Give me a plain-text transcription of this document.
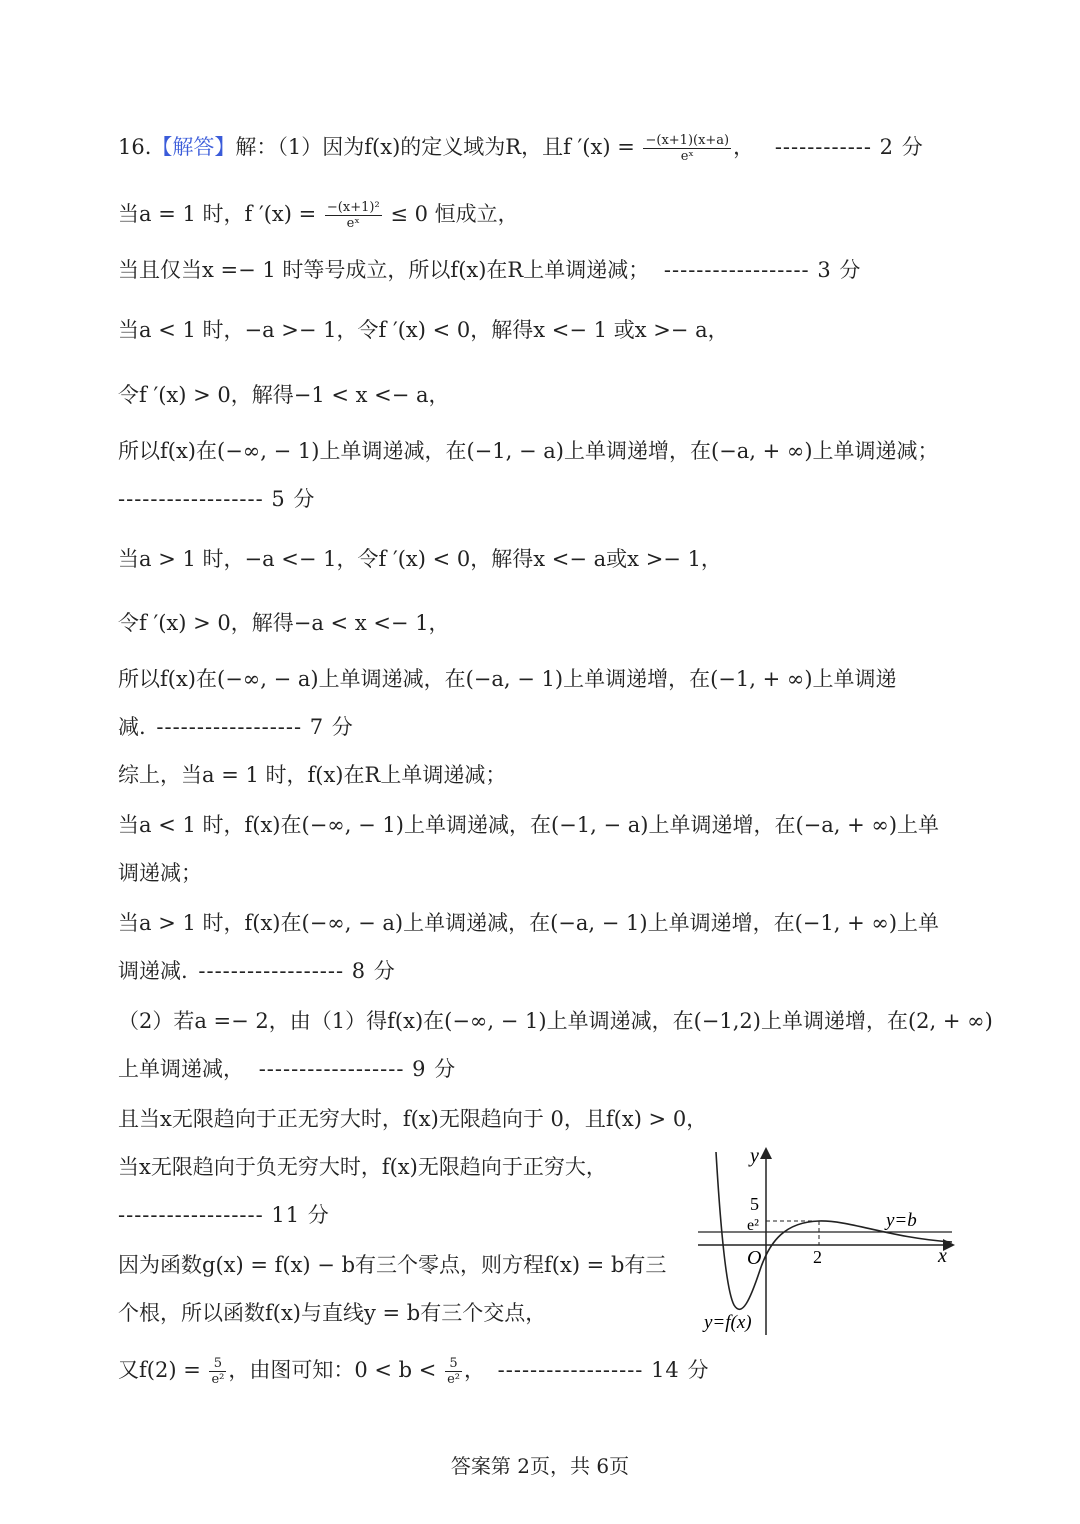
16.【解答】解：（1）因为f(x)的定义域为R，且f $'(x) = \frac{-(x+1)(x+a)}{\text{eˣ}}$ ， ------------ 2 分
当a = 1 时，f $'(x) = \frac{\text{−(x+1)²}}{\text{eˣ}} \le 0$ 恒成立，
当且仅当x =− 1 时等号成立，所以f(x)在R上单调递减； ------------------ 3 分
当a < 1 时，−a >− 1，令f ′(x) < 0，解得x <− 1 或x >− a，
令f ′(x) > 0，解得−1 < x <− a，
所以f(x)在(−∞, − 1)上单调递减，在(−1, − a)上单调递增，在(−a, + ∞)上单调递减；
------------------ 5 分
当a > 1 时，−a <− 1，令f ′(x) < 0，解得x <− a或x >− 1，
令f ′(x) > 0，解得−a < x <− 1，
所以f(x)在(−∞, − a)上单调递减，在(−a, − 1)上单调递增，在(−1, + ∞)上单调递
减. ------------------ 7 分
综上，当a = 1 时，f(x)在R上单调递减；
当a < 1 时，f(x)在(−∞, − 1)上单调递减，在(−1, − a)上单调递增，在(−a, + ∞)上单
调递减；
当a > 1 时，f(x)在(−∞, − a)上单调递减，在(−a, − 1)上单调递增，在(−1, + ∞)上单
调递减. ------------------ 8 分
（2）若a =− 2，由（1）得f(x)在(−∞, − 1)上单调递减，在(−1,2)上单调递增，在(2, + ∞)
上单调递减， ------------------ 9 分
且当x无限趋向于正无穷大时，f(x)无限趋向于 0，且f(x) > 0，
当x无限趋向于负无穷大时，f(x)无限趋向于正穷大，
------------------ 11 分
因为函数g(x) = f(x) − b有三个零点，则方程f(x) = b有三
个根，所以函数f(x)与直线y = b有三个交点，
又$f(2) = \frac{5}{\text{e²}}$ ，由图可知：$0 < b < \frac{5}{\text{e²}}$ ， ------------------ 14 分
y
x
O	2
5
e²	y=b
y=f(x)
答案第 2页，共 6页
